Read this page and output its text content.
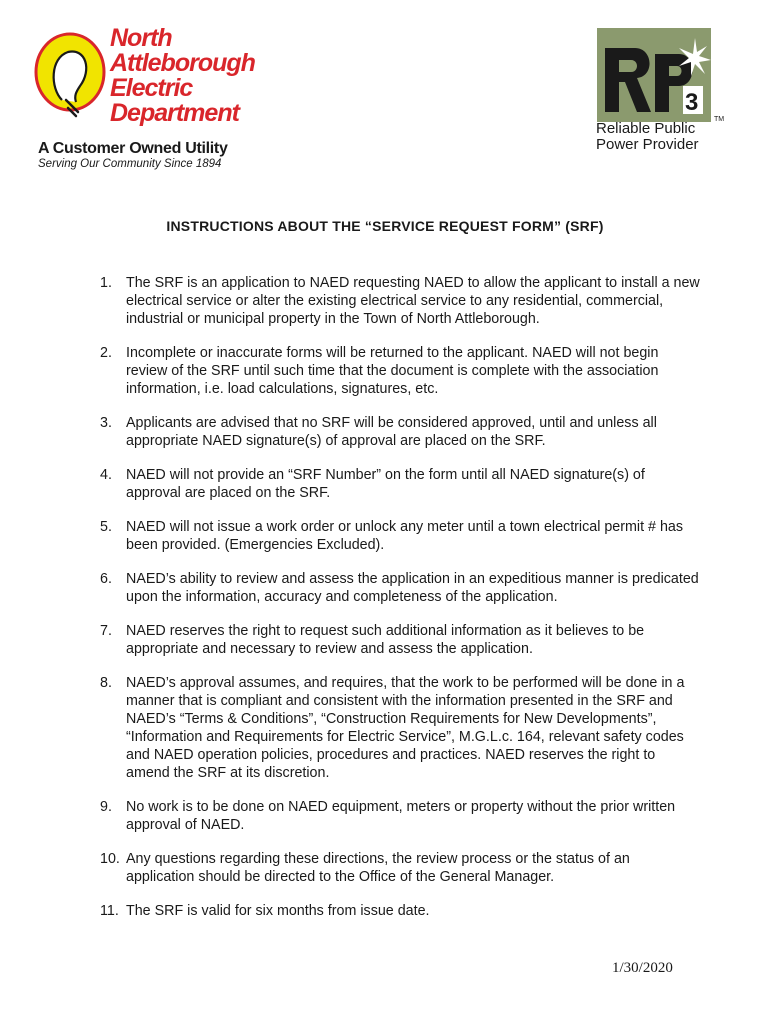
North
Attleborough
Electric
Department
A Customer Owned Utility
Serving Our Community Since 1894
3
TM
Reliable Public
Power Provider
INSTRUCTIONS ABOUT THE “SERVICE REQUEST FORM” (SRF)
1. The SRF is an application to NAED requesting NAED to allow the applicant to install a new electrical service or alter the existing electrical service to any residential, commercial, industrial or municipal property in the Town of North Attleborough.
2. Incomplete or inaccurate forms will be returned to the applicant. NAED will not begin review of the SRF until such time that the document is complete with the association information, i.e. load calculations, signatures, etc.
3. Applicants are advised that no SRF will be considered approved, until and unless all appropriate NAED signature(s) of approval are placed on the SRF.
4. NAED will not provide an “SRF Number” on the form until all NAED signature(s) of approval are placed on the SRF.
5. NAED will not issue a work order or unlock any meter until a town electrical permit # has been provided. (Emergencies Excluded).
6. NAED’s ability to review and assess the application in an expeditious manner is predicated upon the information, accuracy and completeness of the application.
7. NAED reserves the right to request such additional information as it believes to be appropriate and necessary to review and assess the application.
8. NAED’s approval assumes, and requires, that the work to be performed will be done in a manner that is compliant and consistent with the information presented in the SRF and NAED’s “Terms & Conditions”, “Construction Requirements for New Developments”, “Information and Requirements for Electric Service”, M.G.L.c. 164, relevant safety codes and NAED operation policies, procedures and practices. NAED reserves the right to amend the SRF at its discretion.
9. No work is to be done on NAED equipment, meters or property without the prior written approval of NAED.
10. Any questions regarding these directions, the review process or the status of an application should be directed to the Office of the General Manager.
11. The SRF is valid for six months from issue date.
1/30/2020
